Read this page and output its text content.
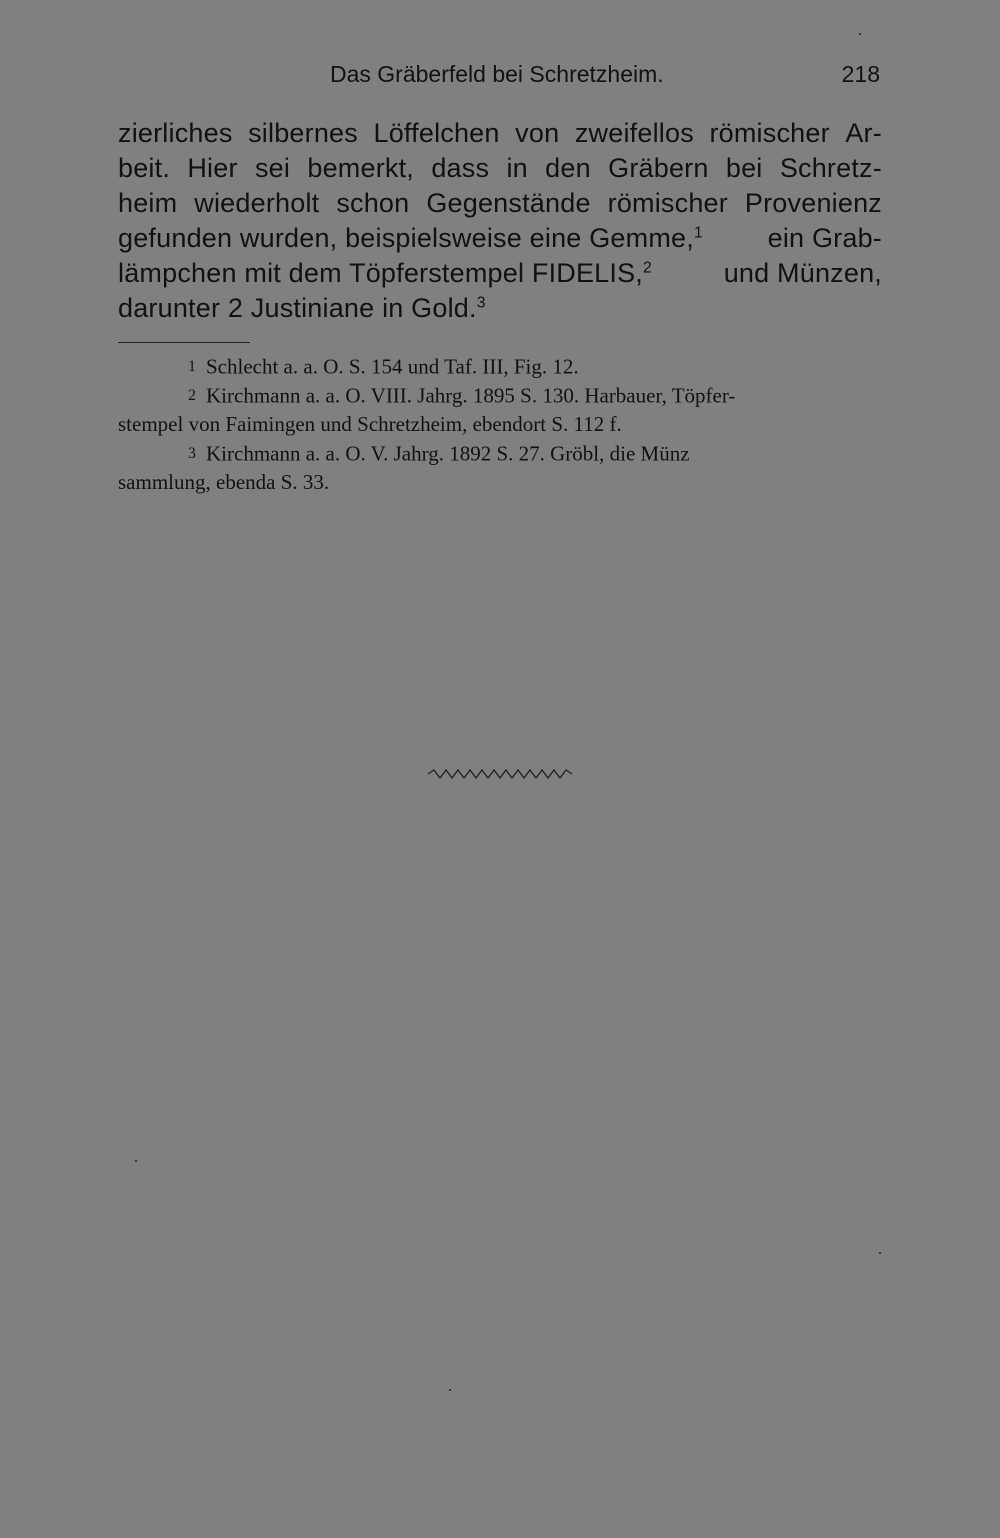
Das Gräberfeld bei Schretzheim.	218
zierliches silbernes Löffelchen von zweifellos römischer Ar-
beit. Hier sei bemerkt, dass in den Gräbern bei Schretz-
heim wiederholt schon Gegenstände römischer Provenienz
gefunden wurden, beispielsweise eine Gemme,$^1$ ein Grab-
lämpchen mit dem Töpferstempel FIDELIS,$^2$	und Münzen,
darunter 2 Justiniane in Gold.$^3$
1 Schlecht a. a. O. S. 154 und Taf. III, Fig. 12.
2 Kirchmann a. a. O. VIII. Jahrg. 1895 S. 130. Harbauer, Töpfer-
stempel von Faimingen und Schretzheim, ebendort S. 112 f.
3 Kirchmann a. a. O. V. Jahrg. 1892 S. 27. Gröbl, die Münz
sammlung, ebenda S. 33.
